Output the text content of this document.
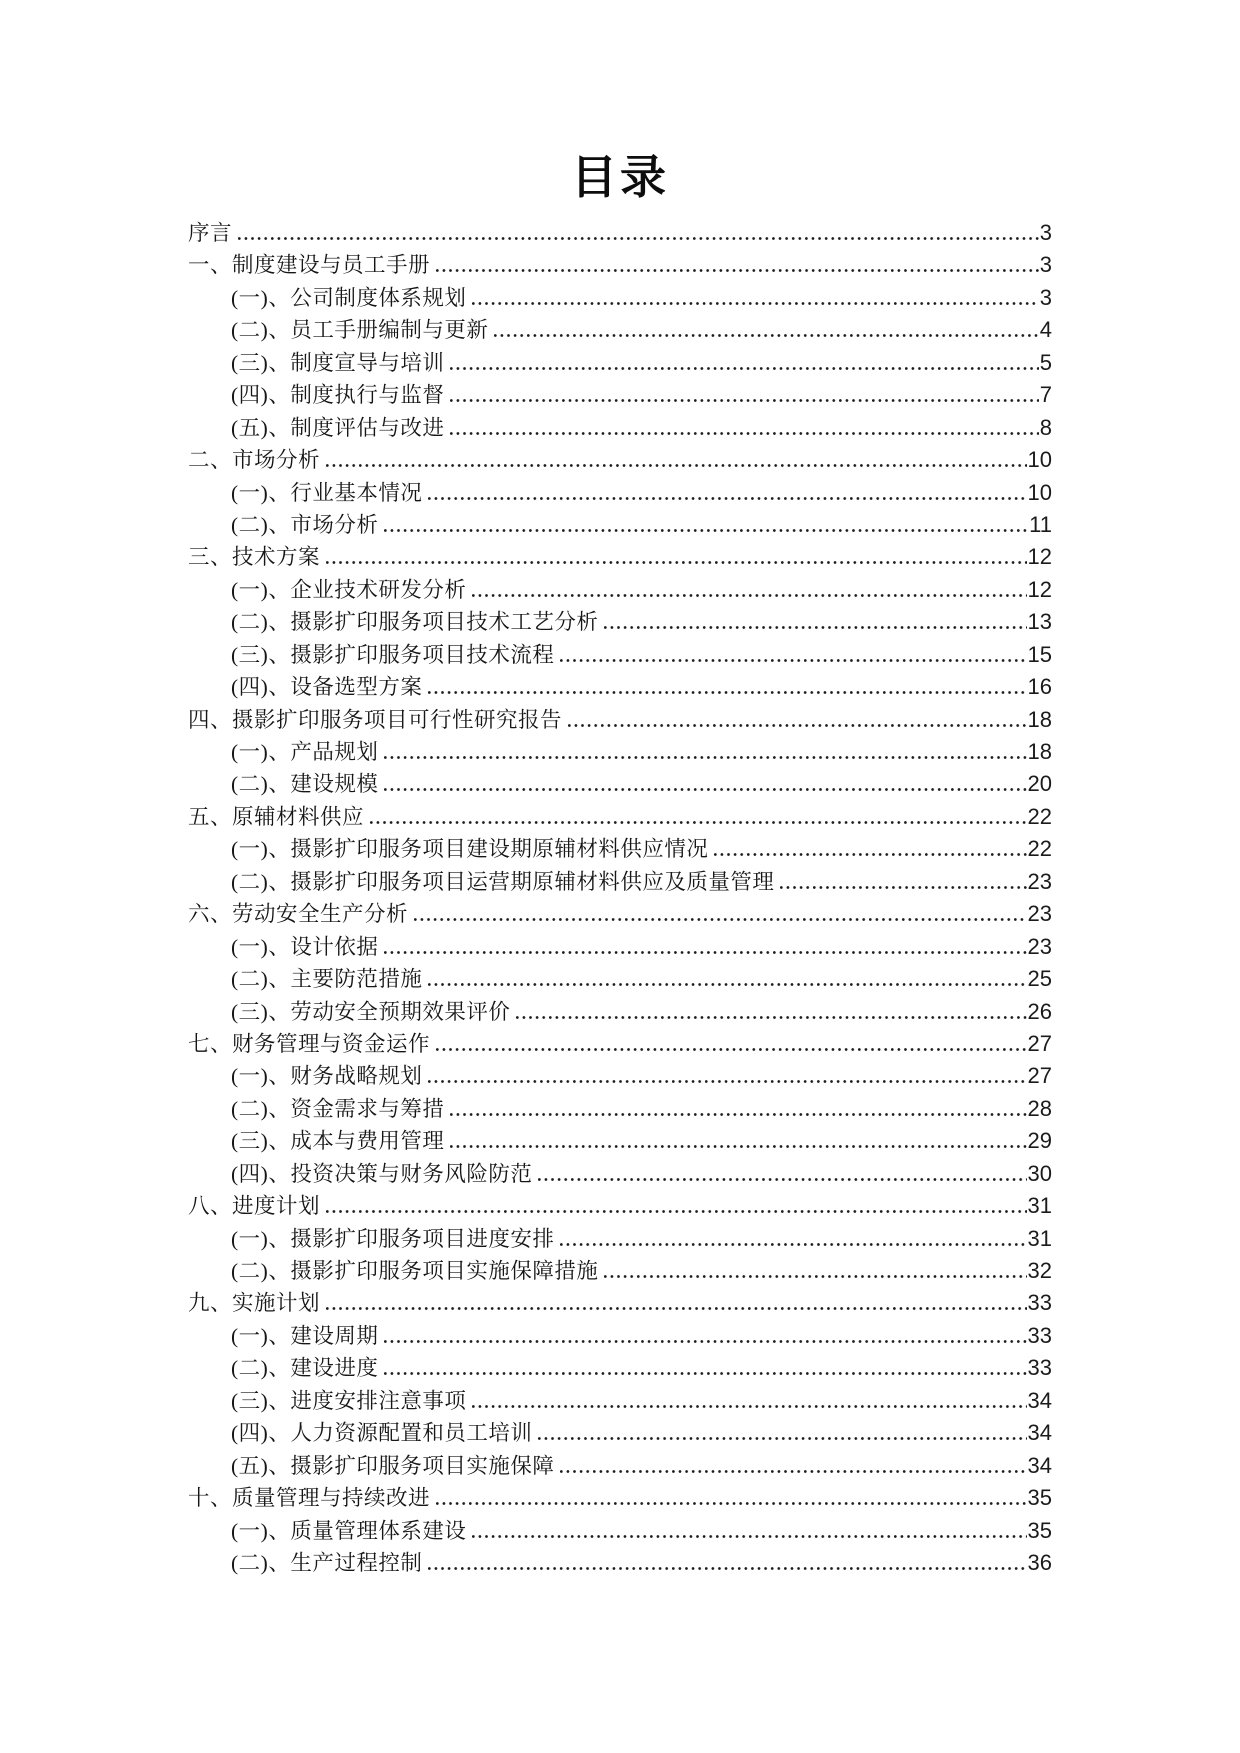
目录
序言	3
一、制度建设与员工手册	3
(一)、公司制度体系规划	3
(二)、员工手册编制与更新	4
(三)、制度宣导与培训	5
(四)、制度执行与监督	7
(五)、制度评估与改进	8
二、市场分析	10
(一)、行业基本情况	10
(二)、市场分析	11
三、技术方案	12
(一)、企业技术研发分析	12
(二)、摄影扩印服务项目技术工艺分析	13
(三)、摄影扩印服务项目技术流程	15
(四)、设备选型方案	16
四、摄影扩印服务项目可行性研究报告	18
(一)、产品规划	18
(二)、建设规模	20
五、原辅材料供应	22
(一)、摄影扩印服务项目建设期原辅材料供应情况	22
(二)、摄影扩印服务项目运营期原辅材料供应及质量管理	23
六、劳动安全生产分析	23
(一)、设计依据	23
(二)、主要防范措施	25
(三)、劳动安全预期效果评价	26
七、财务管理与资金运作	27
(一)、财务战略规划	27
(二)、资金需求与筹措	28
(三)、成本与费用管理	29
(四)、投资决策与财务风险防范	30
八、进度计划	31
(一)、摄影扩印服务项目进度安排	31
(二)、摄影扩印服务项目实施保障措施	32
九、实施计划	33
(一)、建设周期	33
(二)、建设进度	33
(三)、进度安排注意事项	34
(四)、人力资源配置和员工培训	34
(五)、摄影扩印服务项目实施保障	34
十、质量管理与持续改进	35
(一)、质量管理体系建设	35
(二)、生产过程控制	36
